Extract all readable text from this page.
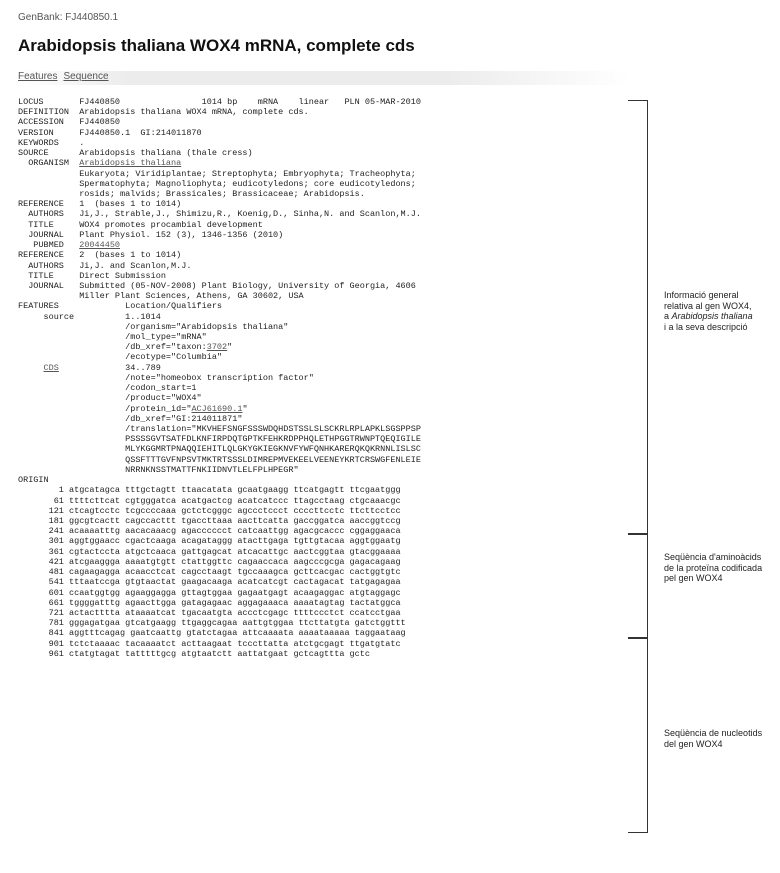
GenBank: FJ440850.1
Arabidopsis thaliana WOX4 mRNA, complete cds
Features Sequence
LOCUS       FJ440850                1014 bp    mRNA    linear   PLN 05-MAR-2010
DEFINITION  Arabidopsis thaliana WOX4 mRNA, complete cds.
ACCESSION   FJ440850
VERSION     FJ440850.1  GI:214011870
KEYWORDS    .
SOURCE      Arabidopsis thaliana (thale cress)
ORGANISM  Arabidopsis thaliana
Eukaryota; Viridiplantae; Streptophyta; Embryophyta; Tracheophyta;
Spermatophyta; Magnoliophyta; eudicotyledons; core eudicotyledons;
rosids; malvids; Brassicales; Brassicaceae; Arabidopsis.
REFERENCE   1  (bases 1 to 1014)
AUTHORS   Ji,J., Strable,J., Shimizu,R., Koenig,D., Sinha,N. and Scanlon,M.J.
TITLE     WOX4 promotes procambial development
JOURNAL   Plant Physiol. 152 (3), 1346-1356 (2010)
PUBMED   20044450
REFERENCE   2  (bases 1 to 1014)
AUTHORS   Ji,J. and Scanlon,M.J.
TITLE     Direct Submission
JOURNAL   Submitted (05-NOV-2008) Plant Biology, University of Georgia, 4606
Miller Plant Sciences, Athens, GA 30602, USA
FEATURES             Location/Qualifiers
source          1..1014
/organism="Arabidopsis thaliana"
/mol_type="mRNA"
/db_xref="taxon:3702"
/ecotype="Columbia"
CDS             34..789
/note="homeobox transcription factor"
/codon_start=1
/product="WOX4"
/protein_id="ACJ61690.1"
/db_xref="GI:214011871"
/translation="MKVHEFSNGFSSSWDQHDSTSSLSLSCKRLRPLAPKLSGSPPSP
PSSSSGVTSATFDLKNFIRPDQTGPTKFEHKRDPPHQLETHPGGTRWNPTQEQIGILE
MLYKGGMRTPNAQQIEHITLQLGKYGKIEGKNVFYWFQNHKARERQKQKRNNLISLSC
QSSFTTTGVFNPSVTMKTRTSSSLDIMREPMVEKEELVEENEYKRTCRSWGFENLEIE
NRRNKNSSTMATTFNKIIDNVTLELFPLHPEGR"
ORIGIN
1 atgcatagca tttgctagtt ttaacatata gcaatgaagg ttcatgagtt ttcgaatggg
61 ttttcttcat cgtgggatca acatgactcg acatcatccc ttagcctaag ctgcaaacgc
121 ctcagtcctc tcgccccaaa gctctcgggc agccctccct ccccttcctc ttcttcctcc
181 ggcgtcactt cagccacttt tgaccttaaa aacttcatta gaccggatca aaccggtccg
241 acaaaatttg aacacaaacg agacccccct catcaattgg agacgcaccc cggaggaaca
301 aggtggaacc cgactcaaga acagataggg atacttgaga tgttgtacaa aggtggaatg
361 cgtactccta atgctcaaca gattgagcat atcacattgc aactcggtaa gtacggaaaa
421 atcgaaggga aaaatgtgtt ctattggttc cagaaccaca aagcccgcga gagacagaag
481 cagaagagga acaacctcat cagcctaagt tgccaaagca gcttcacgac cactggtgtc
541 tttaatccga gtgtaactat gaagacaaga acatcatcgt cactagacat tatgagagaa
601 ccaatggtgg agaaggagga gttagtggaa gagaatgagt acaagaggac atgtaggagc
661 tggggatttg agaacttgga gatagagaac aggagaaaca aaaatagtag tactatggca
721 actactttta ataaaatcat tgacaatgta accctcgagc ttttccctct ccatcctgaa
781 gggagatgaa gtcatgaagg ttgaggcagaa aattgtggaa ttcttatgta gatctggttt
841 aggtttcagag gaatcaattg gtatctagaa attcaaaata aaaataaaaa taggaataag
901 tctctaaaac tacaaaatct acttaagaat tcccttatta atctgcgagt ttgatgtatc
961 ctatgtagat tatttttgcg atgtaatctt aattatgaat gctcagttta gctc
Informació general
relativa al gen WOX4,
a Arabidopsis thaliana
i a la seva descripció
Seqüència d'aminoàcids
de la proteïna codificada
pel gen WOX4
Seqüència de nucleotids
del gen WOX4
